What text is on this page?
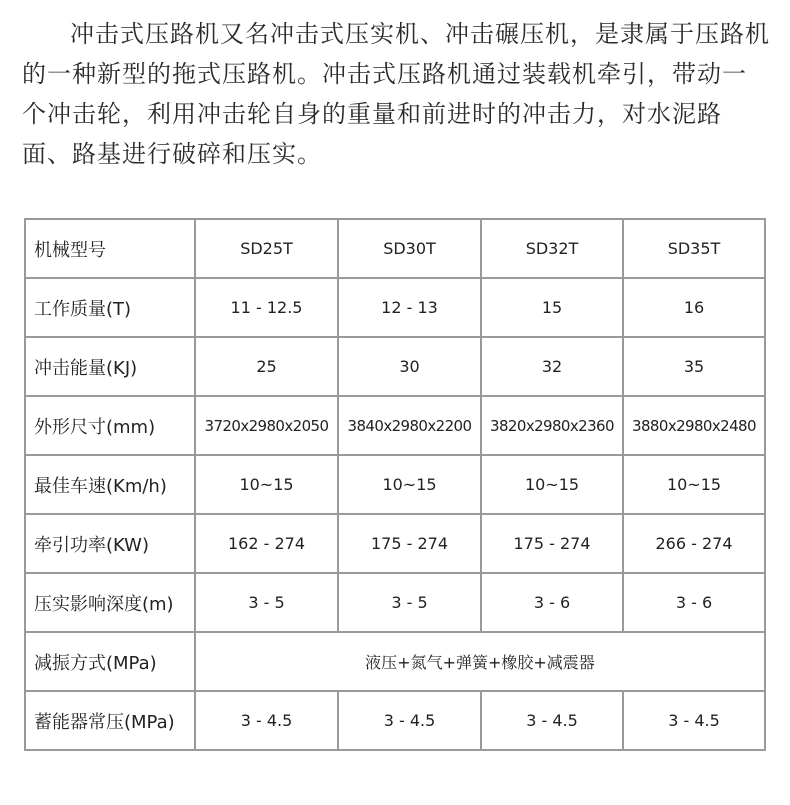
冲击式压路机又名冲击式压实机、冲击碾压机，是隶属于压路机的一种新型的拖式压路机。冲击式压路机通过装载机牵引，带动一个冲击轮，利用冲击轮自身的重量和前进时的冲击力，对水泥路面、路基进行破碎和压实。

机械型号	SD25T	SD30T	SD32T	SD35T
工作质量(T)	11 - 12.5	12 - 13	15	16
冲击能量(KJ)	25	30	32	35
外形尺寸(mm)	3720x2980x2050	3840x2980x2200	3820x2980x2360	3880x2980x2480
最佳车速(Km/h)	10~15	10~15	10~15	10~15
牵引功率(KW)	162 - 274	175 - 274	175 - 274	266 - 274
压实影响深度(m)	3 - 5	3 - 5	3 - 6	3 - 6
减振方式(MPa)	液压+氮气+弹簧+橡胶+减震器			
蓄能器常压(MPa)	3 - 4.5	3 - 4.5	3 - 4.5	3 - 4.5
